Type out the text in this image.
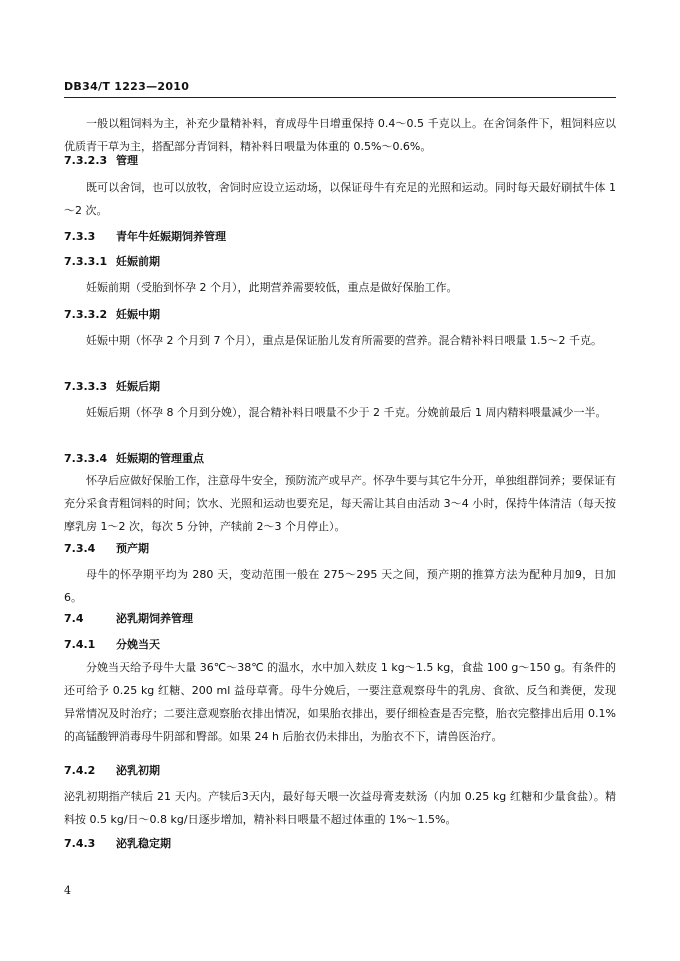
DB34/T 1223—2010

一般以粗饲料为主，补充少量精补料，育成母牛日增重保持 0.4～0.5 千克以上。在舍饲条件下，粗饲料应以优质青干草为主，搭配部分青饲料，精补料日喂量为体重的 0.5%～0.6%。

7.3.2.3 管理

既可以舍饲，也可以放牧，舍饲时应设立运动场，以保证母牛有充足的光照和运动。同时每天最好刷拭牛体 1～2 次。

7.3.3 青年牛妊娠期饲养管理

7.3.3.1 妊娠前期

妊娠前期（受胎到怀孕 2 个月），此期营养需要较低，重点是做好保胎工作。

7.3.3.2 妊娠中期

妊娠中期（怀孕 2 个月到 7 个月），重点是保证胎儿发育所需要的营养。混合精补料日喂量 1.5～2 千克。

7.3.3.3 妊娠后期

妊娠后期（怀孕 8 个月到分娩），混合精补料日喂量不少于 2 千克。分娩前最后 1 周内精料喂量减少一半。

7.3.3.4 妊娠期的管理重点

怀孕后应做好保胎工作，注意母牛安全，预防流产或早产。怀孕牛要与其它牛分开，单独组群饲养；要保证有充分采食青粗饲料的时间；饮水、光照和运动也要充足，每天需让其自由活动 3～4 小时，保持牛体清洁（每天按摩乳房 1～2 次，每次 5 分钟，产犊前 2～3 个月停止）。

7.3.4 预产期

母牛的怀孕期平均为 280 天，变动范围一般在 275～295 天之间，预产期的推算方法为配种月加9，日加6。

7.4	泌乳期饲养管理

7.4.1 分娩当天

分娩当天给予母牛大量 36℃～38℃ 的温水，水中加入麸皮 1 kg～1.5 kg，食盐 100 g～150 g。有条件的还可给予 0.25 kg 红糖、200 ml 益母草膏。母牛分娩后，一要注意观察母牛的乳房、食欲、反刍和粪便，发现异常情况及时治疗；二要注意观察胎衣排出情况，如果胎衣排出，要仔细检查是否完整，胎衣完整排出后用 0.1%的高锰酸钾消毒母牛阴部和臀部。如果 24 h 后胎衣仍未排出，为胎衣不下，请兽医治疗。

7.4.2 泌乳初期

泌乳初期指产犊后 21 天内。产犊后3天内，最好每天喂一次益母膏麦麸汤（内加 0.25 kg 红糖和少量食盐）。精料按 0.5 kg/日～0.8 kg/日逐步增加，精补料日喂量不超过体重的 1%～1.5%。

7.4.3 泌乳稳定期

4
